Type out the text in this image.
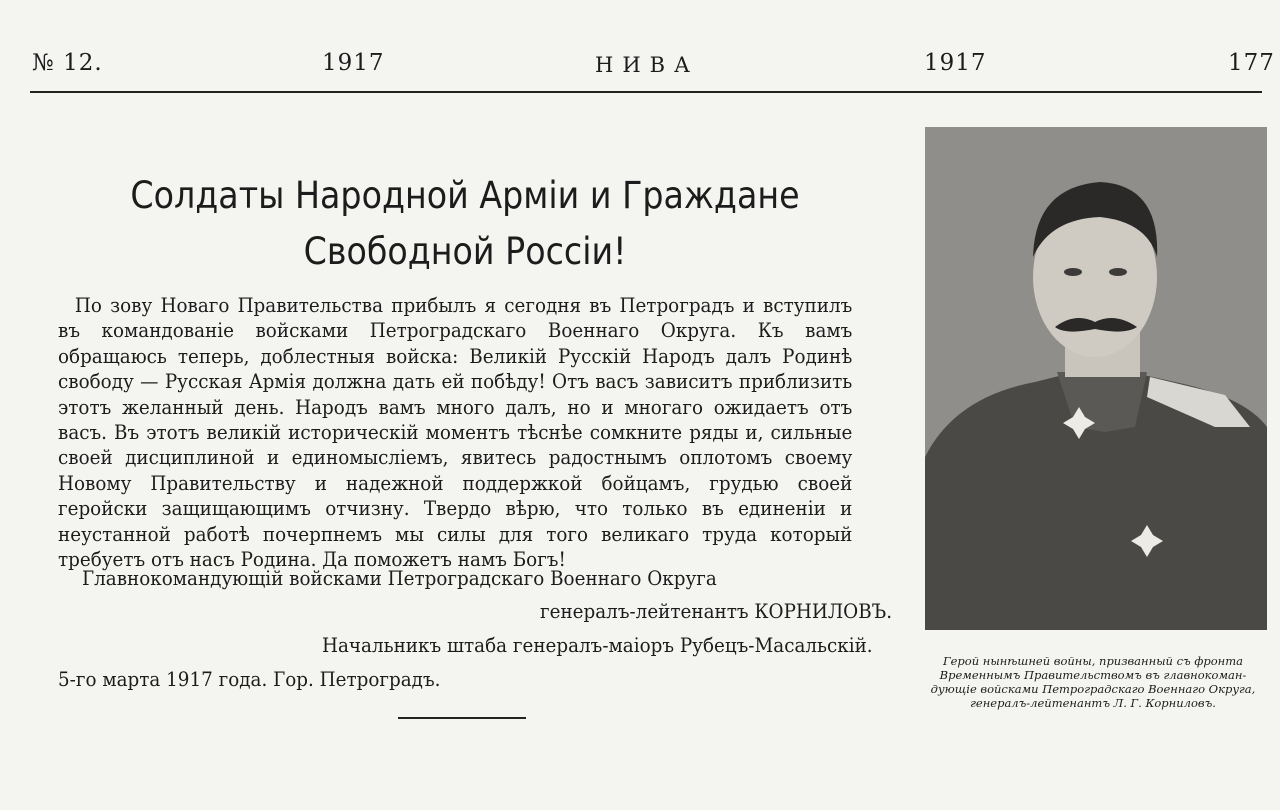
№ 12.	1917	НИВА	1917	177
Солдаты Народной Арміи и Граждане
Свободной Россіи!

По зову Новаго Правительства прибылъ я сегодня въ Петроградъ и вступилъ въ командованіе войсками Петроградскаго Военнаго Округа. Къ вамъ обращаюсь теперь, доблестныя войска: Великій Русскій Народъ далъ Родинѣ свободу — Русская Армія должна дать ей побѣду! Отъ васъ зависитъ приблизить этотъ желанный день. Народъ вамъ много далъ, но и многаго ожидаетъ отъ васъ. Въ этотъ великій историческій моментъ тѣснѣе сомкните ряды и, сильные своей дисциплиной и единомысліемъ, явитесь радостнымъ оплотомъ своему Новому Правительству и надежной поддержкой бойцамъ, грудью своей геройски защищающимъ отчизну. Твердо вѣрю, что только въ единеніи и неустанной работѣ почерпнемъ мы силы для того великаго труда который требуетъ отъ насъ Родина. Да поможетъ намъ Богъ!

Главнокомандующій войсками Петроградскаго Военнаго Округа
генералъ-лейтенантъ КОРНИЛОВЪ.
Начальникъ штаба генералъ-маіоръ Рубецъ-Масальскій.
5-го марта 1917 года. Гор. Петроградъ.
Герой нынѣшней войны, призванный съ фронта
Временнымъ Правительствомъ въ главнокоман-
дующіе войсками Петроградскаго Военнаго Округа,
генералъ-лейтенантъ Л. Г. Корниловъ.
